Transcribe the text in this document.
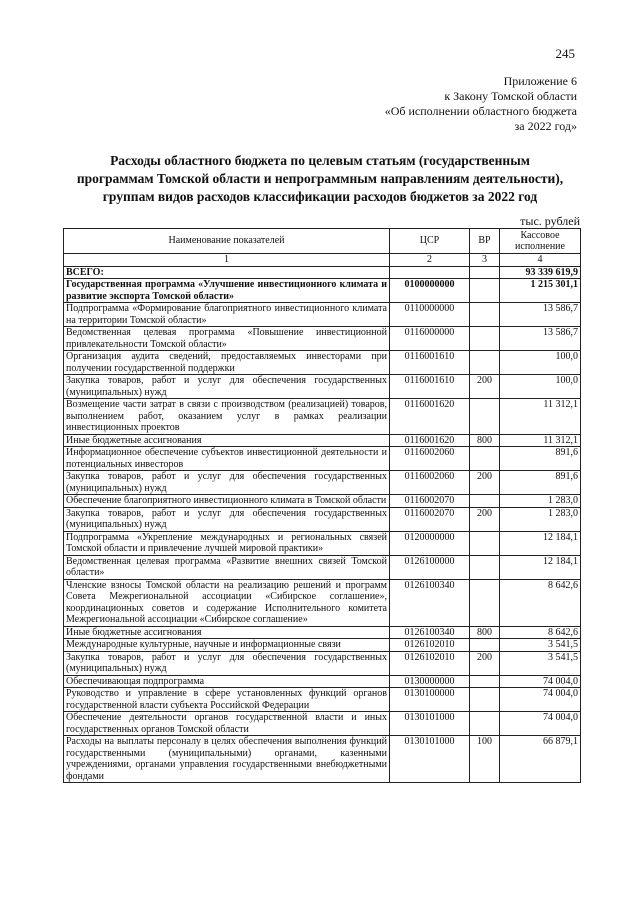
245
Приложение 6
к Закону Томской области
«Об исполнении областного бюджета
за 2022 год»
Расходы областного бюджета по целевым статьям (государственным
программам Томской области и непрограммным направлениям деятельности),
группам видов расходов классификации расходов бюджетов за 2022 год
тыс. рублей
Наименование показателей	ЦСР	ВР	Кассовое исполнение
1	2	3	4
ВСЕГО:			93 339 619,9
Государственная программа «Улучшение инвестиционного климата и развитие экспорта Томской области»	0100000000		1 215 301,1
Подпрограмма «Формирование благоприятного инвестиционного климата на территории Томской области»	0110000000		13 586,7
Ведомственная целевая программа «Повышение инвестиционной привлекательности Томской области»	0116000000		13 586,7
Организация аудита сведений, предоставляемых инвесторами при получении государственной поддержки	0116001610		100,0
Закупка товаров, работ и услуг для обеспечения государственных (муниципальных) нужд	0116001610	200	100,0
Возмещение части затрат в связи с производством (реализацией) товаров, выполнением работ, оказанием услуг в рамках реализации инвестиционных проектов	0116001620		11 312,1
Иные бюджетные ассигнования	0116001620	800	11 312,1
Информационное обеспечение субъектов инвестиционной деятельности и потенциальных инвесторов	0116002060		891,6
Закупка товаров, работ и услуг для обеспечения государственных (муниципальных) нужд	0116002060	200	891,6
Обеспечение благоприятного инвестиционного климата в Томской области	0116002070		1 283,0
Закупка товаров, работ и услуг для обеспечения государственных (муниципальных) нужд	0116002070	200	1 283,0
Подпрограмма «Укрепление международных и региональных связей Томской области и привлечение лучшей мировой практики»	0120000000		12 184,1
Ведомственная целевая программа «Развитие внешних связей Томской области»	0126100000		12 184,1
Членские взносы Томской области на реализацию решений и программ Совета Межрегиональной ассоциации «Сибирское соглашение», координационных советов и содержание Исполнительного комитета Межрегиональной ассоциации «Сибирское соглашение»	0126100340		8 642,6
Иные бюджетные ассигнования	0126100340	800	8 642,6
Международные культурные, научные и информационные связи	0126102010		3 541,5
Закупка товаров, работ и услуг для обеспечения государственных (муниципальных) нужд	0126102010	200	3 541,5
Обеспечивающая подпрограмма	0130000000		74 004,0
Руководство и управление в сфере установленных функций органов государственной власти субъекта Российской Федерации	0130100000		74 004,0
Обеспечение деятельности органов государственной власти и иных государственных органов Томской области	0130101000		74 004,0
Расходы на выплаты персоналу в целях обеспечения выполнения функций государственными (муниципальными) органами, казенными учреждениями, органами управления государственными внебюджетными фондами	0130101000	100	66 879,1
